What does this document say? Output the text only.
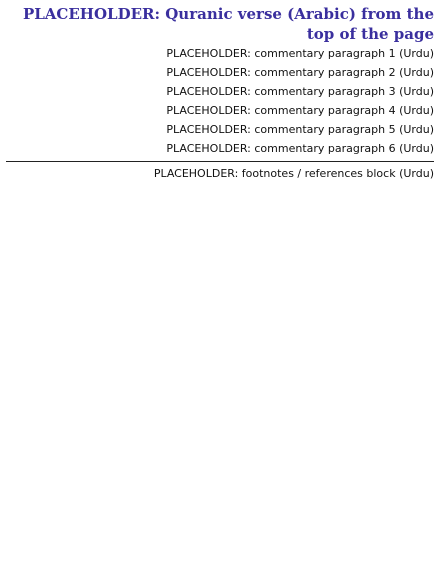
PLACEHOLDER: Quranic verse (Arabic) from the top of the page

PLACEHOLDER: commentary paragraph 1 (Urdu)

PLACEHOLDER: commentary paragraph 2 (Urdu)

PLACEHOLDER: commentary paragraph 3 (Urdu)

PLACEHOLDER: commentary paragraph 4 (Urdu)

PLACEHOLDER: commentary paragraph 5 (Urdu)

PLACEHOLDER: commentary paragraph 6 (Urdu)

PLACEHOLDER: footnotes / references block (Urdu)
